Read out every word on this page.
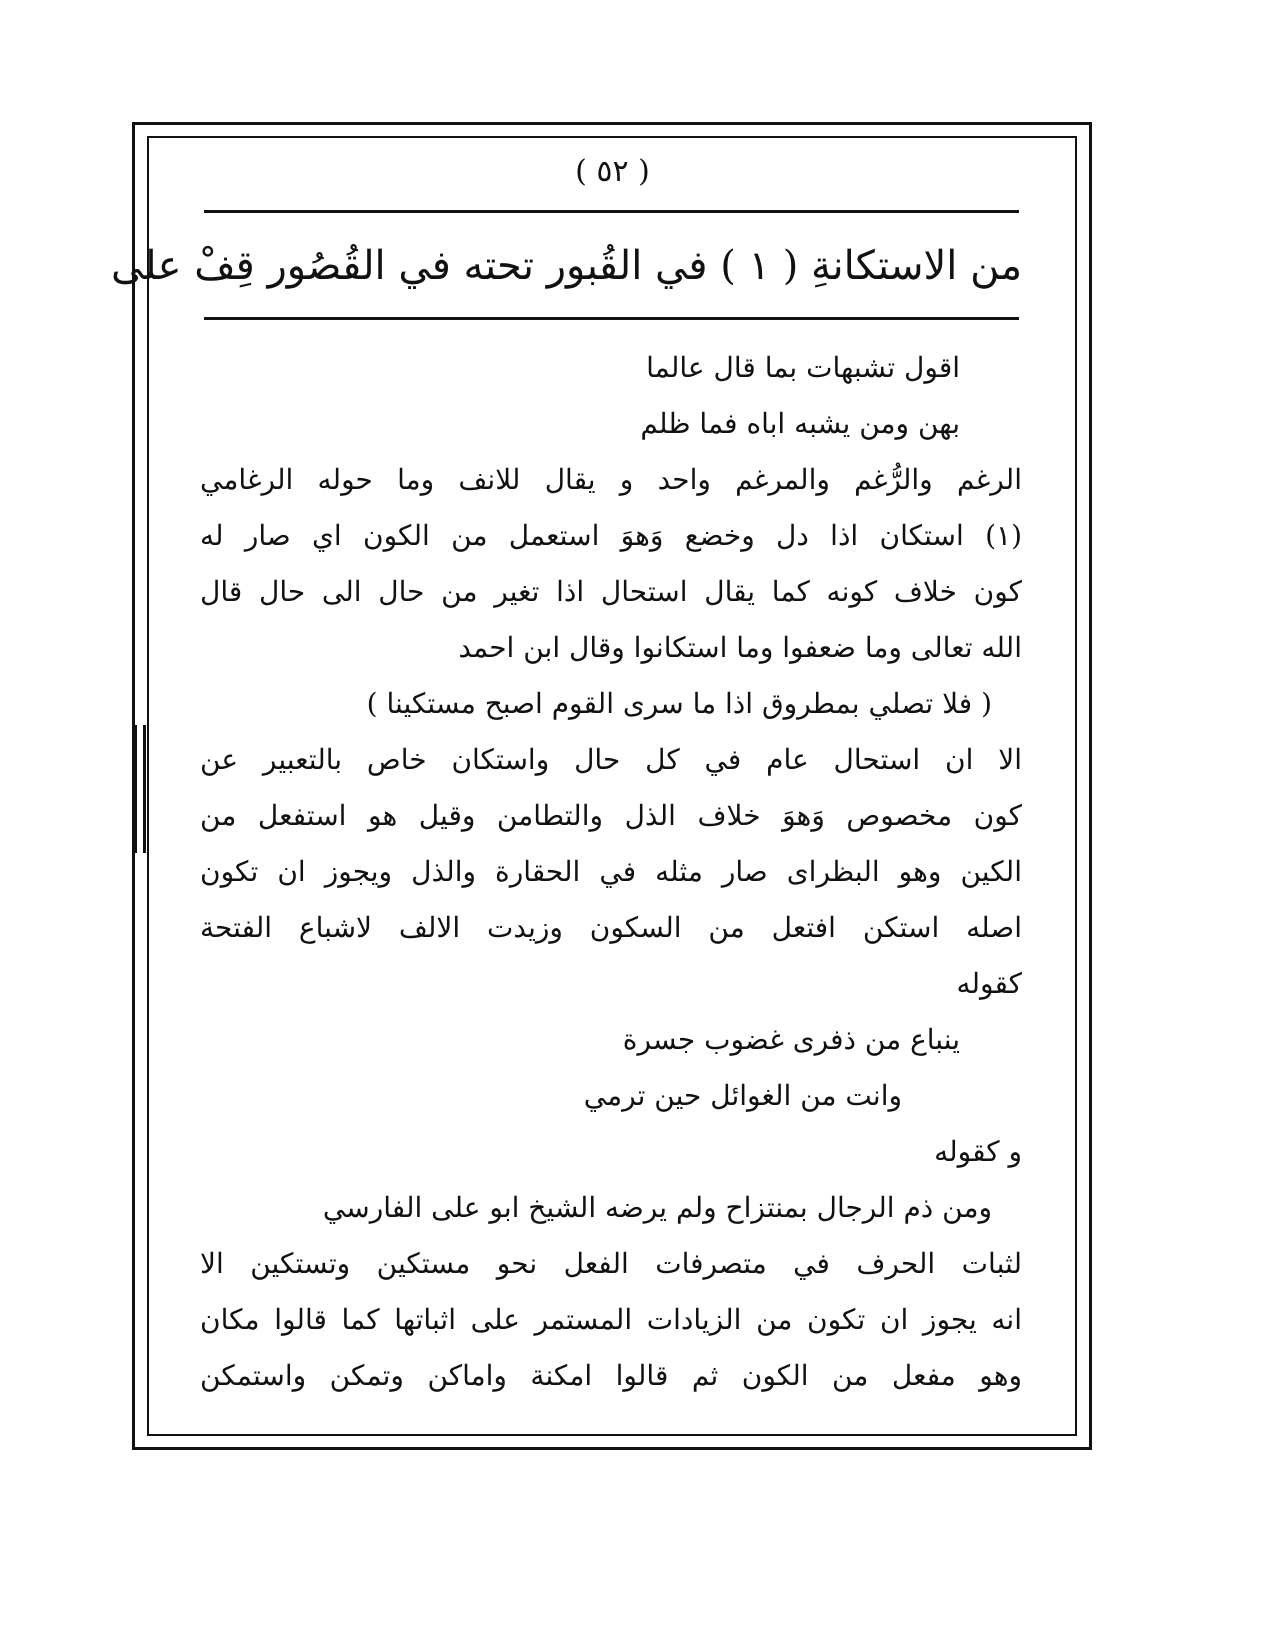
( ٥٢ )
من الاستكانةِ ( ١ ) في القُبور تحته في القُصُور قِفْ على
اقول تشبهات بما قال عالما
بهن ومن يشبه اباه فما ظلم
الرغم والرُّغم والمرغم واحد و يقال للانف وما حوله الرغامي
(١) استكان اذا دل وخضع وَهوَ استعمل من الكون اي صار له
كون خلاف كونه كما يقال استحال اذا تغير من حال الى حال قال
الله تعالى وما ضعفوا وما استكانوا وقال ابن احمد
( فلا تصلي بمطروق اذا ما سرى القوم اصبح مستكينا )
الا ان استحال عام في كل حال واستكان خاص بالتعبير عن
كون مخصوص وَهوَ خلاف الذل والتطامن وقيل هو استفعل من
الكين وهو البظراى صار مثله في الحقارة والذل ويجوز ان تكون
اصله استكن افتعل من السكون وزيدت الالف لاشباع الفتحة
كقوله
ينباع من ذفرى غضوب جسرة
وانت من الغوائل حين ترمي
و كقوله
ومن ذم الرجال بمنتزاح ولم يرضه الشيخ ابو على الفارسي
لثبات الحرف في متصرفات الفعل نحو مستكين وتستكين الا
انه يجوز ان تكون من الزيادات المستمر على اثباتها كما قالوا مكان
وهو مفعل من الكون ثم قالوا امكنة واماكن وتمكن واستمكن
